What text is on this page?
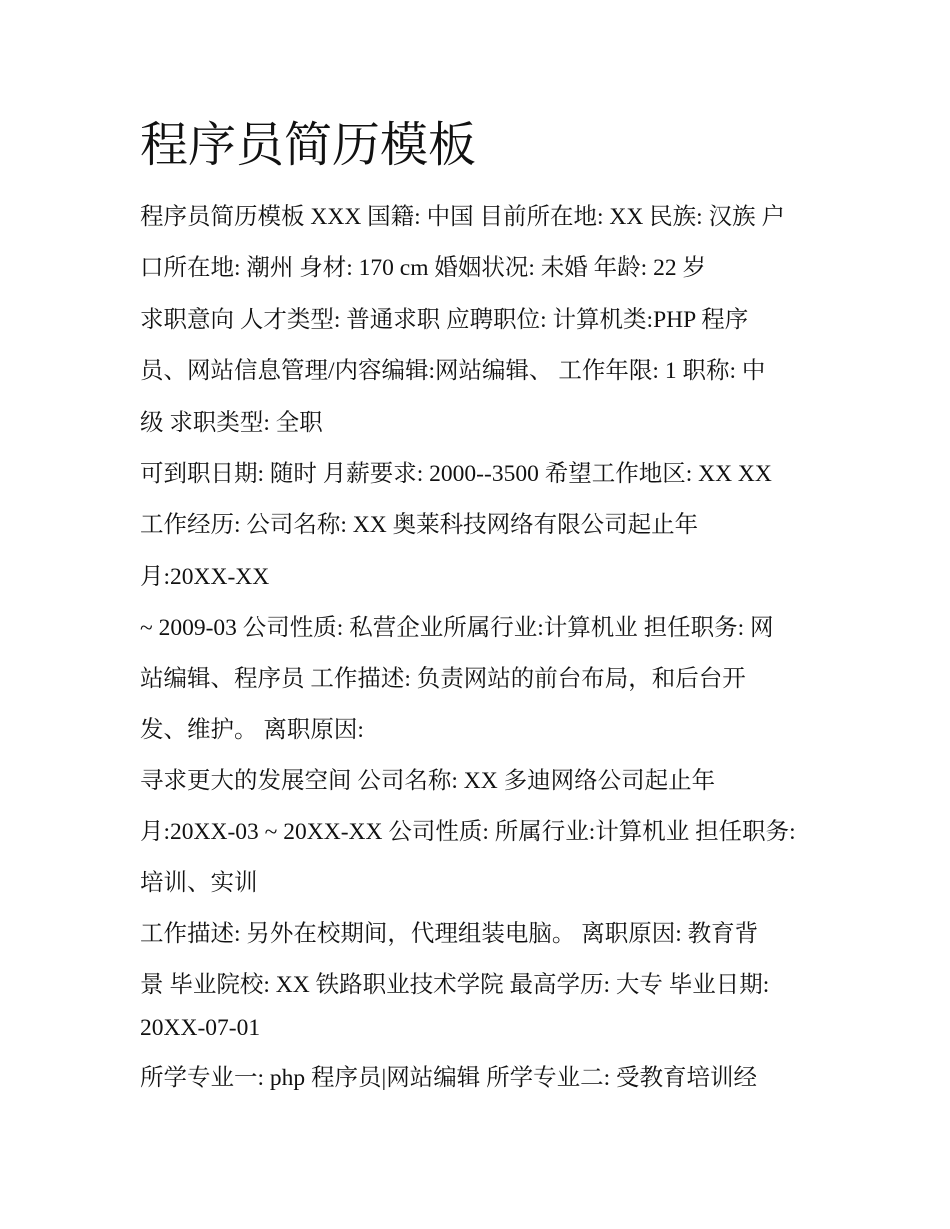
程序员简历模板

程序员简历模板 XXX 国籍: 中国 目前所在地: XX 民族: 汉族 户

口所在地: 潮州 身材: 170 cm 婚姻状况: 未婚 年龄: 22 岁

求职意向 人才类型: 普通求职 应聘职位: 计算机类:PHP 程序

员、网站信息管理/内容编辑:网站编辑、 工作年限: 1 职称: 中

级 求职类型: 全职

可到职日期: 随时 月薪要求: 2000--3500 希望工作地区: XX XX

工作经历: 公司名称: XX 奥莱科技网络有限公司起止年

月:20XX-XX

~ 2009-03 公司性质: 私营企业所属行业:计算机业 担任职务: 网

站编辑、程序员 工作描述: 负责网站的前台布局，和后台开

发、维护。 离职原因:

寻求更大的发展空间 公司名称: XX 多迪网络公司起止年

月:20XX-03 ~ 20XX-XX 公司性质: 所属行业:计算机业 担任职务:

培训、实训

工作描述: 另外在校期间，代理组装电脑。 离职原因: 教育背

景 毕业院校: XX 铁路职业技术学院 最高学历: 大专 毕业日期:

20XX-07-01

所学专业一: php 程序员|网站编辑 所学专业二: 受教育培训经
